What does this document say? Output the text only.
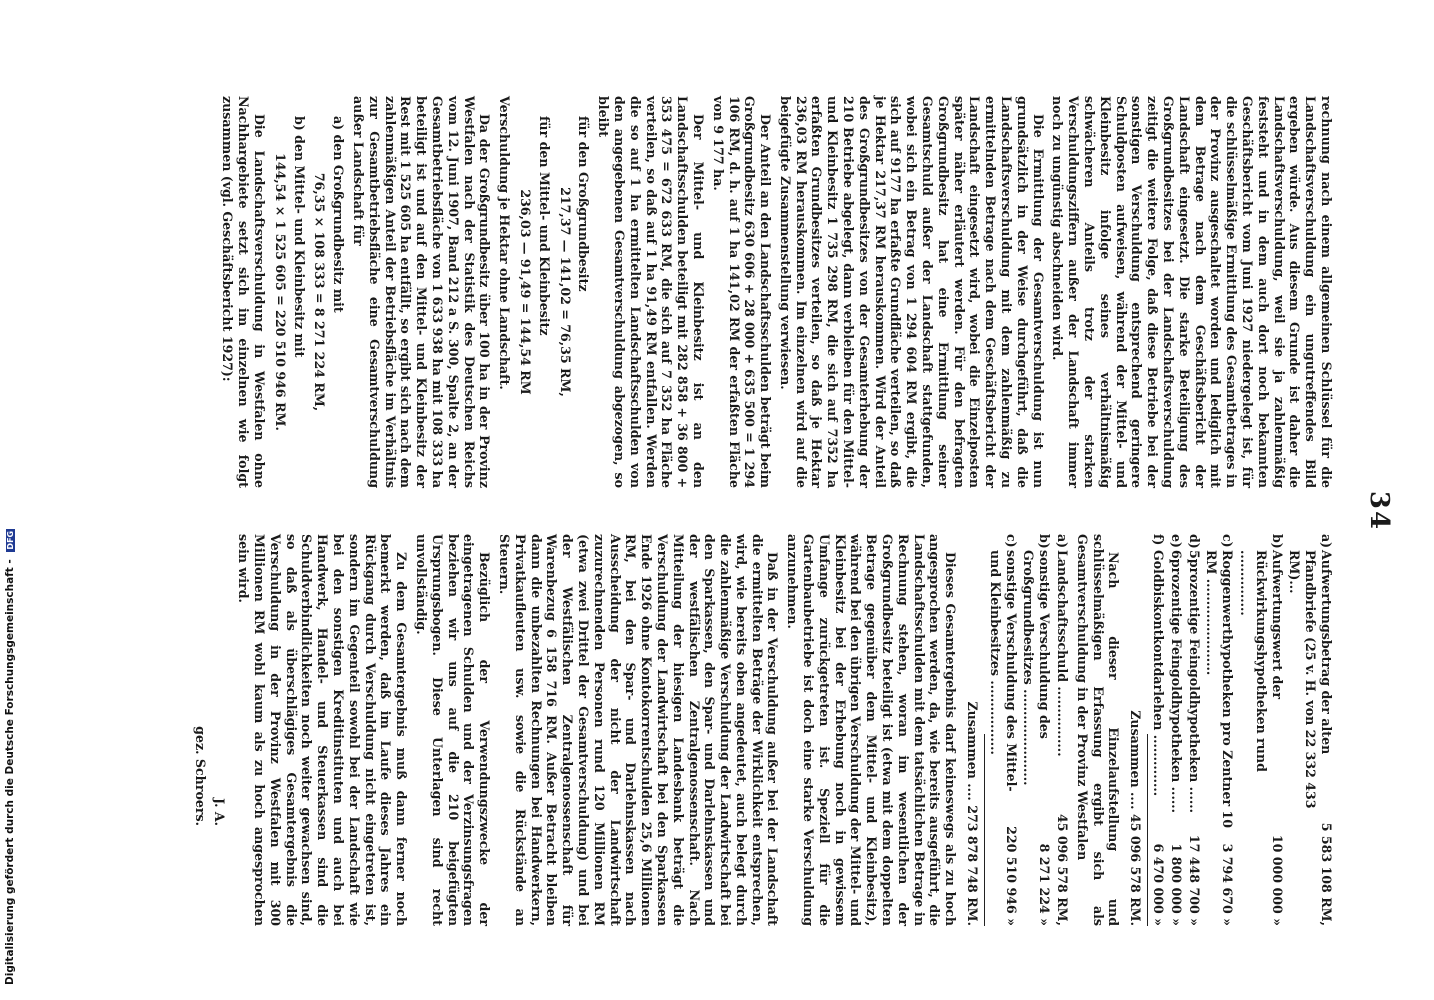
34

rechnung nach einem allgemeinen Schlüssel für die Landschaftsverschuldung ein ungutreffendes Bild ergeben würde. Aus diesem Grunde ist daher die Landschaftsverschuldung, weil sie ja zahlenmäßig feststeht und in dem auch dort noch bekannten Geschäftsbericht vom Juni 1927 niedergelegt ist, für die schlüsselmäßige Ermittlung des Gesamtbetrages in der Provinz ausgeschaltet worden und lediglich mit dem Betrage nach dem Geschäftsbericht der Landschaft eingesetzt. Die starke Beteiligung des Großgrundbesitzes bei der Landschaftsverschuldung zeitigt die weitere Folge, daß diese Betriebe bei der sonstigen Verschuldung entsprechend geringere Schuldposten aufweisen, während der Mittel- und Kleinbesitz infolge seines verhältnismäßig schwächeren Anteils trotz der starken Verschuldungsziffern außer der Landschaft immer noch zu ungünstig abschneiden wird.

Die Ermittlung der Gesamtverschuldung ist nun grundsätzlich in der Weise durchgeführt, daß die Landschaftsverschuldung mit dem zahlenmäßig zu ermittelnden Betrage nach dem Geschäftsbericht der Landschaft eingesetzt wird, wobei die Einzelposten später näher erläutert werden. Für den befragten Großgrundbesitz hat eine Ermittlung seiner Gesamtschuld außer der Landschaft stattgefunden, wobei sich ein Betrag von 1 294 604 RM ergibt, die sich auf 9177 ha erfaßte Grundfläche verteilen, so daß je Hektar 217,37 RM herauskommen. Wird der Anteil des Großgrundbesitzes von der Gesamterhebung der 210 Betriebe abgelegt, dann verbleiben für den Mittel- und Kleinbesitz 1 735 298 RM, die sich auf 7352 ha erfaßten Grundbesitzes verteilen, so daß je Hektar 236,03 RM herauskommen. Im einzelnen wird auf die beigefügte Zusammenstellung verwiesen.

Der Anteil an den Landschaftsschulden beträgt beim Großgrundbesitz 630 606 + 28 000 + 635 500 = 1 294 106 RM, d. h. auf 1 ha 141,02 RM der erfaßten Fläche von 9 177 ha.

Der Mittel- und Kleinbesitz ist an den Landschaftsschulden beteiligt mit 282 858 + 36 800 + 353 475 = 672 633 RM, die sich auf 7 352 ha Fläche verteilen, so daß auf 1 ha 91,49 RM entfallen. Werden die so auf 1 ha ermittelten Landschaftsschulden von den angegebenen Gesamtverschuldung abgezogen, so bleibt

für den Großgrundbesitz
217,37 — 141,02 = 76,35 RM,
für den Mittel- und Kleinbesitz
236,03 — 91,49 = 144,54 RM

Verschuldung je Hektar ohne Landschaft.

Da der Großgrundbesitz über 100 ha in der Provinz Westfalen nach der Statistik des Deutschen Reichs vom 12. Juni 1907, Band 212 a S. 300, Spalte 2, an der Gesamtbetriebsfläche von 1 633 938 ha mit 108 333 ha beteiligt ist und auf den Mittel- und Kleinbesitz der Rest mit 1 525 605 ha entfällt, so ergibt sich nach dem zahlenmäßigen Anteil der Betriebsfläche im Verhältnis zur Gesamtbetriebsfläche eine Gesamtverschuldung außer Landschaft für

a) den Großgrundbesitz mit
76,35 × 108 333 = 8 271 224 RM,
b) den Mittel- und Kleinbesitz mit
144,54 × 1 525 605 = 220 510 946 RM.

Die Landschaftsverschuldung in Westfalen ohne Nachhargebiete setzt sich im einzelnen wie folgt zusammen (vgl. Geschäftsbericht 1927):

a)
Aufwertungsbetrag der alten Pfandbriefe (25 v. H. von 22 332 433 RM)...
5 583 108 RM,
b)
Aufwertungswert der Rückwirkungshypotheken rund ...............
10 000 000 »
c)
Roggenwerthypotheken pro Zentner 10 RM ......................
3 794 670 »
d)
5prozentige Feingoldhypotheken ......
17 448 700 »
e)
6prozentige Feingoldhypotheken ......
1 800 000 »
f)
Goldbiskontkontdarlehen ..............
6 470 000 »
Zusammen ....

45 096 578 RM.

Nach dieser Einzelaufstellung und schlüsselmäßigen Erfassung ergibt sich als Gesamtverschuldung in der Provinz Westfalen

a)
Landschaftsschuld ................
45 096 578 RM,
b)
sonstige Verschuldung des Großgrundbesitzes ......................
8 271 224 »
c)
sonstige Verschuldung des Mittel- und Kleinbesitzes .................
220 510 946 »
Zusammen ....

273 878 748 RM.

Dieses Gesamtergebnis darf keineswegs als zu hoch angesprochen werden, da, wie bereits ausgeführt, die Landschaftsschulden mit dem tatsächlichen Betrage in Rechnung stehen, woran im wesentlichen der Großgrundbesitz beteiligt ist (etwa mit dem doppelten Betrage gegenüber dem Mittel- und Kleinbesitz), während bei den übrigen Verschuldung der Mittel- und Kleinbesitz bei der Erhebung noch in gewissem Umfange zurückgetreten ist. Speziell für die Gartenbaubetriebe ist doch eine starke Verschuldung anzunehmen.

Daß in der Verschuldung außer bei der Landschaft die ermittelten Beträge der Wirklichkeit entsprechen, wird, wie bereits oben angedeutet, auch belegt durch die zahlenmäßige Verschuldung der Landwirtschaft bei den Sparkassen, den Spar- und Darlehnskassen und der westfälischen Zentralgenossenschaft. Nach Mitteilung der hiesigen Landesbank beträgt die Verschuldung der Landwirtschaft bei den Sparkassen Ende 1926 ohne Kontokorrentschulden 25,6 Millionen RM, bei den Spar- und Darlehnskassen nach Ausscheidung der nicht der Landwirtschaft zuzurechnenden Personen rund 120 Millionen RM (etwa zwei Drittel der Gesamtverschuldung) und bei der Westfälischen Zentralgenossenschaft für Warenbezug 6 158 716 RM. Außer Betracht bleiben dann die unbezahlten Rechnungen bei Handwerkern, Privatkaufleuten usw. sowie die Rückstände an Steuern.

Bezüglich der Verwendungszwecke der eingetragenen Schulden und der Verzinsungsfragen beziehen wir uns auf die 210 beigefügten Ursprungsbogen. Diese Unterlagen sind recht unvollständig.

Zu dem Gesamtergebnis muß dann ferner noch bemerkt werden, daß im Laufe dieses Jahres ein Rückgang durch Verschuldung nicht eingetreten ist, sondern im Gegenteil sowohl bei der Landschaft wie bei den sonstigen Kreditinstituten und auch bei Handwerk, Handel- und Steuerkassen sind die Schuldverbindlichkeiten noch weiter gewachsen sind, so daß als überschlägiges Gesamtergebnis die Verschuldung in der Provinz Westfalen mit 300 Millionen RM wohl kaum als zu hoch angesprochen sein wird.

J. A.
gez. Schroers.
Digitalisierung gefördert durch die Deutsche Forschungsgemeinschaft - DFG
